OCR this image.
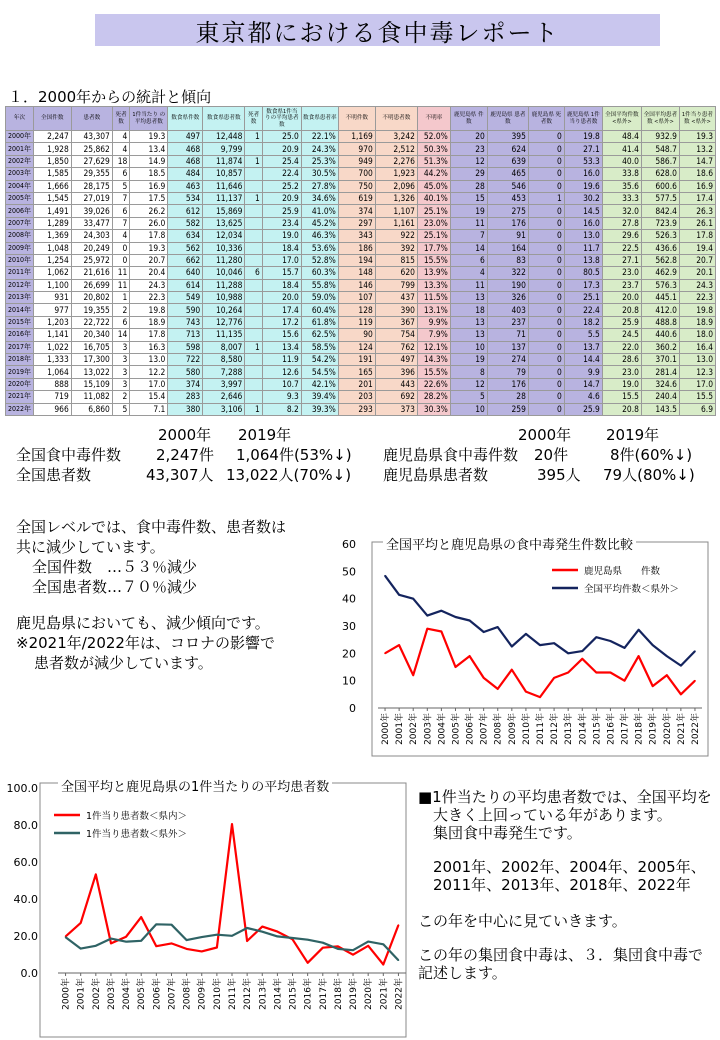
東京都における食中毒レポート
１．2000年からの統計と傾向
年次	全国件数	患者数	死者数	1件当たり の平均患者数	数食県件数	数食県患者数	死者数	数食県1件当 りの平均患者数	数食県患者率	不明件数	不明患者数	不明率	鹿児島県 件数	鹿児島県 患者数	鹿児島県 死者数	鹿児島県 1件当り患者数	全国平均件数 <県外>	全国平均患者数 <県外>	1件当り患者数 <県外>
2000年	2,247	43,307	4	19.3	497	12,448	1	25.0	22.1%	1,169	3,242	52.0%	20	395	0	19.8	48.4	932.9	19.3
2001年	1,928	25,862	4	13.4	468	9,799		20.9	24.3%	970	2,512	50.3%	23	624	0	27.1	41.4	548.7	13.2
2002年	1,850	27,629	18	14.9	468	11,874	1	25.4	25.3%	949	2,276	51.3%	12	639	0	53.3	40.0	586.7	14.7
2003年	1,585	29,355	6	18.5	484	10,857		22.4	30.5%	700	1,923	44.2%	29	465	0	16.0	33.8	628.0	18.6
2004年	1,666	28,175	5	16.9	463	11,646		25.2	27.8%	750	2,096	45.0%	28	546	0	19.6	35.6	600.6	16.9
2005年	1,545	27,019	7	17.5	534	11,137	1	20.9	34.6%	619	1,326	40.1%	15	453	1	30.2	33.3	577.5	17.4
2006年	1,491	39,026	6	26.2	612	15,869		25.9	41.0%	374	1,107	25.1%	19	275	0	14.5	32.0	842.4	26.3
2007年	1,289	33,477	7	26.0	582	13,625		23.4	45.2%	297	1,161	23.0%	11	176	0	16.0	27.8	723.9	26.1
2008年	1,369	24,303	4	17.8	634	12,034		19.0	46.3%	343	922	25.1%	7	91	0	13.0	29.6	526.3	17.8
2009年	1,048	20,249	0	19.3	562	10,336		18.4	53.6%	186	392	17.7%	14	164	0	11.7	22.5	436.6	19.4
2010年	1,254	25,972	0	20.7	662	11,280		17.0	52.8%	194	815	15.5%	6	83	0	13.8	27.1	562.8	20.7
2011年	1,062	21,616	11	20.4	640	10,046	6	15.7	60.3%	148	620	13.9%	4	322	0	80.5	23.0	462.9	20.1
2012年	1,100	26,699	11	24.3	614	11,288		18.4	55.8%	146	799	13.3%	11	190	0	17.3	23.7	576.3	24.3
2013年	931	20,802	1	22.3	549	10,988		20.0	59.0%	107	437	11.5%	13	326	0	25.1	20.0	445.1	22.3
2014年	977	19,355	2	19.8	590	10,264		17.4	60.4%	128	390	13.1%	18	403	0	22.4	20.8	412.0	19.8
2015年	1,203	22,722	6	18.9	743	12,776		17.2	61.8%	119	367	9.9%	13	237	0	18.2	25.9	488.8	18.9
2016年	1,141	20,340	14	17.8	713	11,135		15.6	62.5%	90	754	7.9%	13	71	0	5.5	24.5	440.6	18.0
2017年	1,022	16,705	3	16.3	598	8,007	1	13.4	58.5%	124	762	12.1%	10	137	0	13.7	22.0	360.2	16.4
2018年	1,333	17,300	3	13.0	722	8,580		11.9	54.2%	191	497	14.3%	19	274	0	14.4	28.6	370.1	13.0
2019年	1,064	13,022	3	12.2	580	7,288		12.6	54.5%	165	396	15.5%	8	79	0	9.9	23.0	281.4	12.3
2020年	888	15,109	3	17.0	374	3,997		10.7	42.1%	201	443	22.6%	12	176	0	14.7	19.0	324.6	17.0
2021年	719	11,082	2	15.4	283	2,646		9.3	39.4%	203	692	28.2%	5	28	0	4.6	15.5	240.4	15.5
2022年	966	6,860	5	7.1	380	3,106	1	8.2	39.3%	293	373	30.3%	10	259	0	25.9	20.8	143.5	6.9
2000年 2019年	2000年 2019年
全国食中毒件数 2,247件 1,064件(53%↓) 鹿児島県食中毒件数 20件	8件(60%↓)
全国患者数	43,307人 13,022人(70%↓) 鹿児島県患者数	395人 79人(80%↓)
全国レベルでは、食中毒件数、患者数は
共に減少しています。
全国件数　…５３％減少
全国患者数…７０％減少
鹿児島県においても、減少傾向です。
※2021年/2022年は、コロナの影響で
患者数が減少しています。
0
10
20
30
40
50
60
2000年 2001年 2002年 2003年 2004年 2005年 2006年 2007年 2008年 2009年 2010年 2011年 2012年 2013年 2014年 2015年 2016年 2017年 2018年 2019年 2020年 2021年 2022年
鹿児島県　　件数
全国平均件数＜県外＞
全国平均と鹿児島県の食中毒発生件数比較
0.0
20.0
40.0
60.0
80.0
100.0
2000年 2001年 2002年 2003年 2004年 2005年 2006年 2007年 2008年 2009年 2010年 2011年 2012年 2013年 2014年 2015年 2016年 2017年 2018年 2019年 2020年 2021年 2022年
1件当り患者数＜県内＞
1件当り患者数＜県外＞
全国平均と鹿児島県の1件当たりの平均患者数
■1件当たりの平均患者数では、全国平均を
大きく上回っている年があります。
集団食中毒発生です。
2001年、2002年、2004年、2005年、
2011年、2013年、2018年、2022年
この年を中心に見ていきます。
この年の集団食中毒は、３．集団食中毒で
記述します。
